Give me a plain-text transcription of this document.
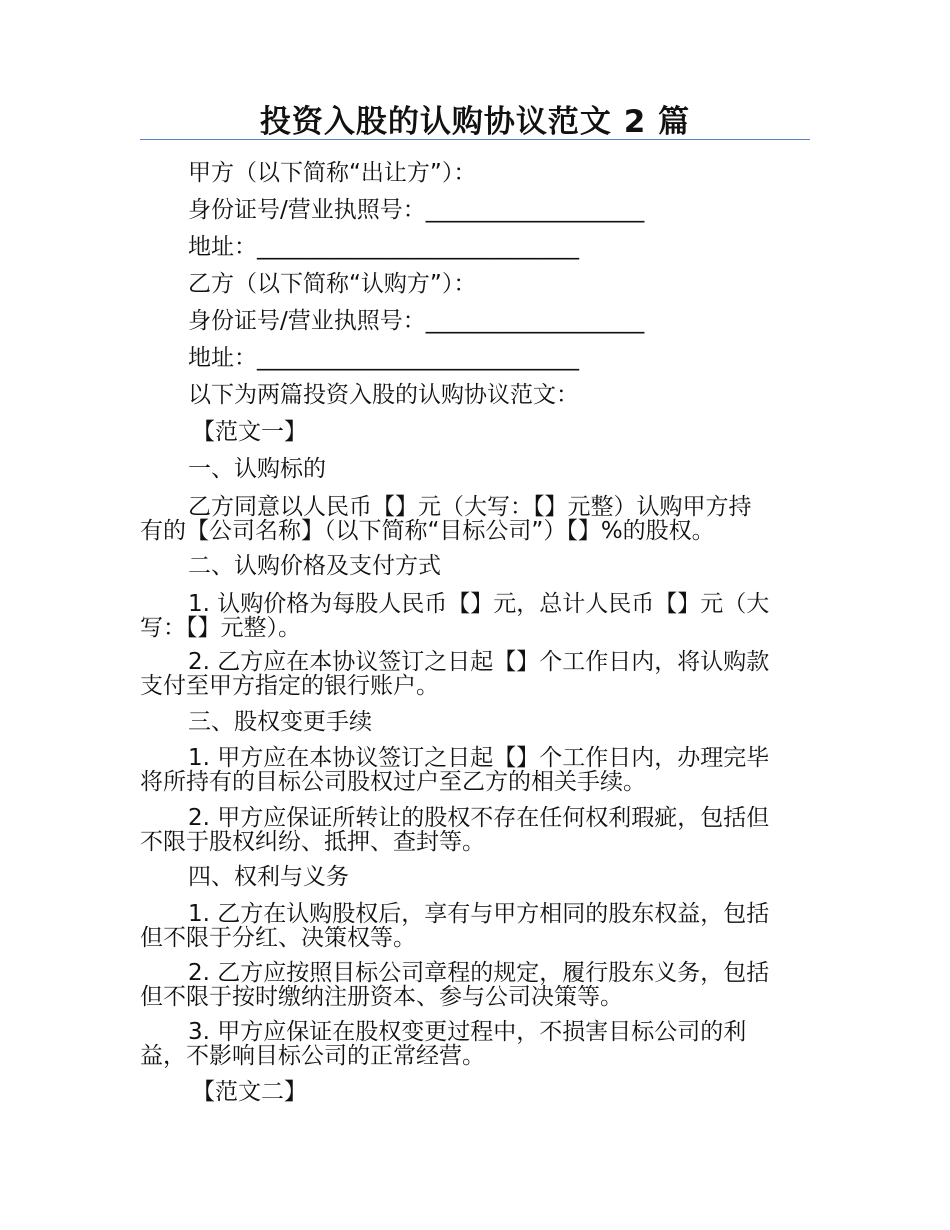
投资入股的认购协议范文 2 篇
甲方（以下简称“出让方”）：
身份证号/营业执照号：___________________
地址：____________________________
乙方（以下简称“认购方”）：
身份证号/营业执照号：___________________
地址：____________________________
以下为两篇投资入股的认购协议范文：
【范文一】
一、认购标的
乙方同意以人民币【】元（大写：【】元整）认购甲方持
有的【公司名称】（以下简称“目标公司”）【】%的股权。
二、认购价格及支付方式
1. 认购价格为每股人民币【】元，总计人民币【】元（大
写：【】元整）。
2. 乙方应在本协议签订之日起【】个工作日内，将认购款
支付至甲方指定的银行账户。
三、股权变更手续
1. 甲方应在本协议签订之日起【】个工作日内，办理完毕
将所持有的目标公司股权过户至乙方的相关手续。
2. 甲方应保证所转让的股权不存在任何权利瑕疵，包括但
不限于股权纠纷、抵押、查封等。
四、权利与义务
1. 乙方在认购股权后，享有与甲方相同的股东权益，包括
但不限于分红、决策权等。
2. 乙方应按照目标公司章程的规定，履行股东义务，包括
但不限于按时缴纳注册资本、参与公司决策等。
3. 甲方应保证在股权变更过程中，不损害目标公司的利
益，不影响目标公司的正常经营。
【范文二】
